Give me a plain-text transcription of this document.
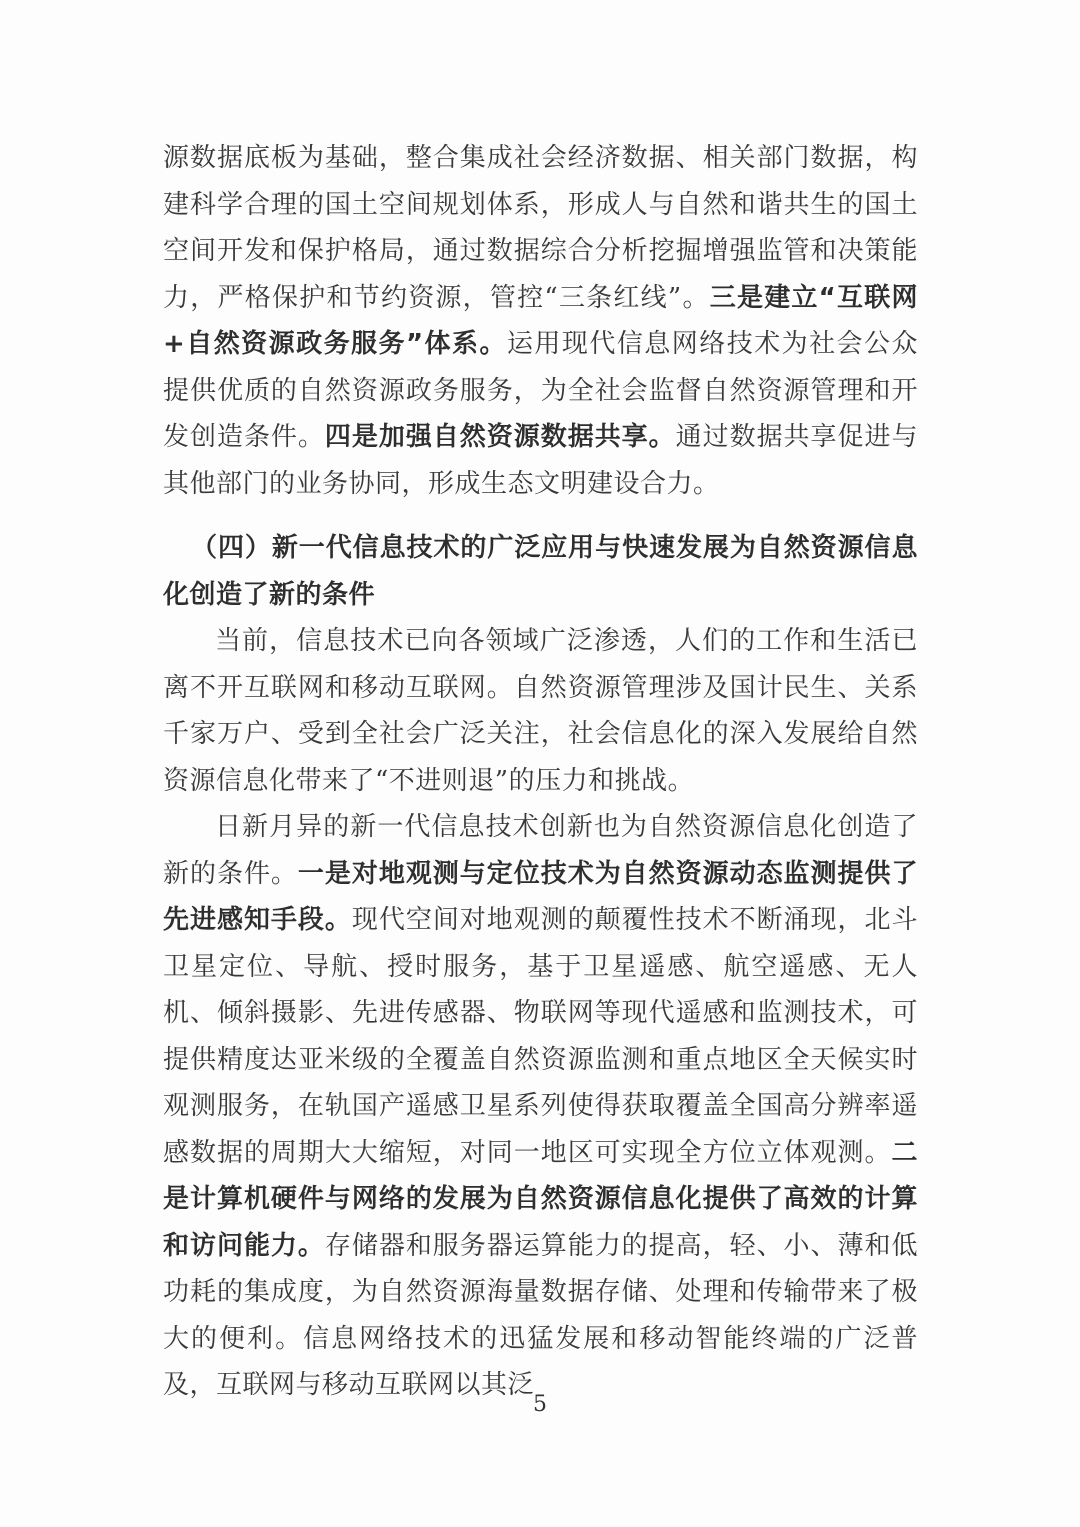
源数据底板为基础，整合集成社会经济数据、相关部门数据，构建科学合理的国土空间规划体系，形成人与自然和谐共生的国土空间开发和保护格局，通过数据综合分析挖掘增强监管和决策能力，严格保护和节约资源，管控“三条红线”。三是建立“互联网+自然资源政务服务”体系。运用现代信息网络技术为社会公众提供优质的自然资源政务服务，为全社会监督自然资源管理和开发创造条件。四是加强自然资源数据共享。通过数据共享促进与其他部门的业务协同，形成生态文明建设合力。

（四）新一代信息技术的广泛应用与快速发展为自然资源信息化创造了新的条件

当前，信息技术已向各领域广泛渗透，人们的工作和生活已离不开互联网和移动互联网。自然资源管理涉及国计民生、关系千家万户、受到全社会广泛关注，社会信息化的深入发展给自然资源信息化带来了“不进则退”的压力和挑战。

日新月异的新一代信息技术创新也为自然资源信息化创造了新的条件。一是对地观测与定位技术为自然资源动态监测提供了先进感知手段。现代空间对地观测的颠覆性技术不断涌现，北斗卫星定位、导航、授时服务，基于卫星遥感、航空遥感、无人机、倾斜摄影、先进传感器、物联网等现代遥感和监测技术，可提供精度达亚米级的全覆盖自然资源监测和重点地区全天候实时观测服务，在轨国产遥感卫星系列使得获取覆盖全国高分辨率遥感数据的周期大大缩短，对同一地区可实现全方位立体观测。二是计算机硬件与网络的发展为自然资源信息化提供了高效的计算和访问能力。存储器和服务器运算能力的提高，轻、小、薄和低功耗的集成度，为自然资源海量数据存储、处理和传输带来了极大的便利。信息网络技术的迅猛发展和移动智能终端的广泛普及，互联网与移动互联网以其泛

5
